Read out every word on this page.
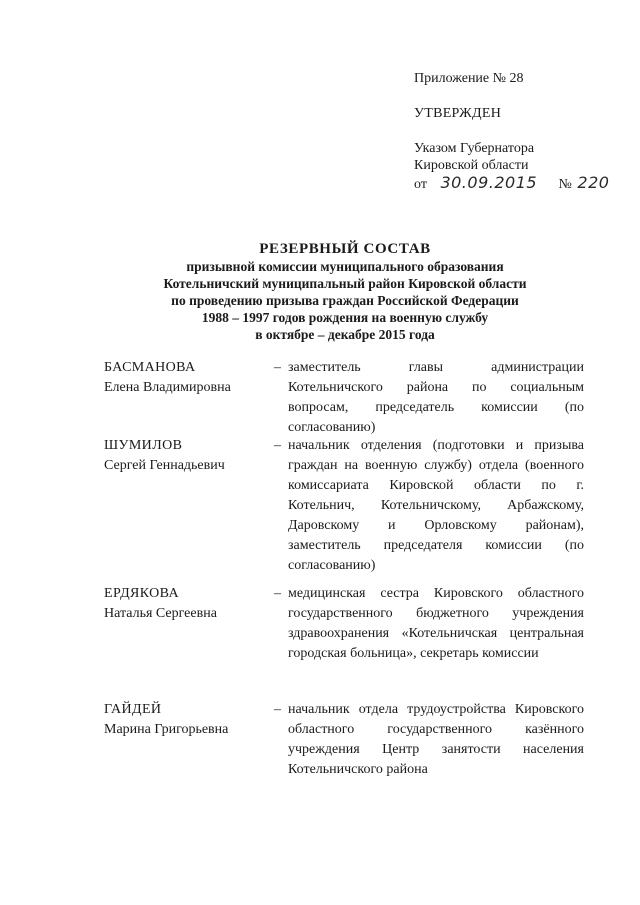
Приложение № 28
УТВЕРЖДЕН
Указом Губернатора
Кировской области
от 30.09.2015 № 220
РЕЗЕРВНЫЙ СОСТАВ
призывной комиссии муниципального образования
Котельничский муниципальный район Кировской области
по проведению призыва граждан Российской Федерации
1988 – 1997 годов рождения на военную службу
в октябре – декабре 2015 года
БАСМАНОВА
Елена Владимировна
– заместитель главы администрации Котельничского района по социальным вопросам, председатель комиссии (по согласованию)
ШУМИЛОВ
Сергей Геннадьевич
– начальник отделения (подготовки и призыва граждан на военную службу) отдела (военного комиссариата Кировской области по г. Котельнич, Котельничскому, Арбажскому, Даровскому и Орловскому районам), заместитель председателя комиссии (по согласованию)
ЕРДЯКОВА
Наталья Сергеевна
– медицинская сестра Кировского областного государственного бюджетного учреждения здравоохранения «Котельничская центральная городская больница», секретарь комиссии
ГАЙДЕЙ
Марина Григорьевна
– начальник отдела трудоустройства Кировского областного государственного казённого учреждения Центр занятости населения Котельничского района
